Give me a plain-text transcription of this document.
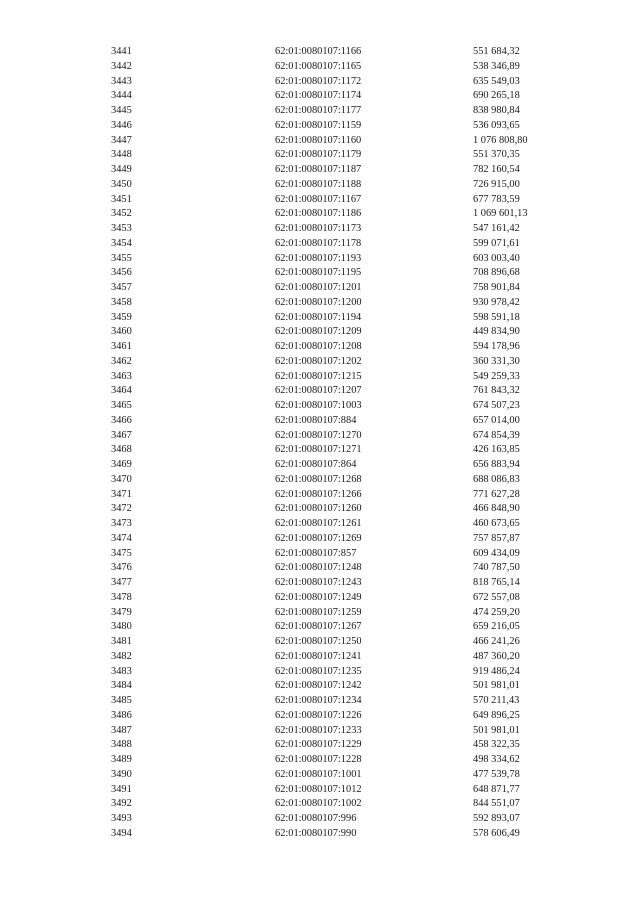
3441	62:01:0080107:1166	551 684,32
3442	62:01:0080107:1165	538 346,89
3443	62:01:0080107:1172	635 549,03
3444	62:01:0080107:1174	690 265,18
3445	62:01:0080107:1177	838 980,84
3446	62:01:0080107:1159	536 093,65
3447	62:01:0080107:1160	1 076 808,80
3448	62:01:0080107:1179	551 370,35
3449	62:01:0080107:1187	782 160,54
3450	62:01:0080107:1188	726 915,00
3451	62:01:0080107:1167	677 783,59
3452	62:01:0080107:1186	1 069 601,13
3453	62:01:0080107:1173	547 161,42
3454	62:01:0080107:1178	599 071,61
3455	62:01:0080107:1193	603 003,40
3456	62:01:0080107:1195	708 896,68
3457	62:01:0080107:1201	758 901,84
3458	62:01:0080107:1200	930 978,42
3459	62:01:0080107:1194	598 591,18
3460	62:01:0080107:1209	449 834,90
3461	62:01:0080107:1208	594 178,96
3462	62:01:0080107:1202	360 331,30
3463	62:01:0080107:1215	549 259,33
3464	62:01:0080107:1207	761 843,32
3465	62:01:0080107:1003	674 507,23
3466	62:01:0080107:884	657 014,00
3467	62:01:0080107:1270	674 854,39
3468	62:01:0080107:1271	426 163,85
3469	62:01:0080107:864	656 883,94
3470	62:01:0080107:1268	688 086,83
3471	62:01:0080107:1266	771 627,28
3472	62:01:0080107:1260	466 848,90
3473	62:01:0080107:1261	460 673,65
3474	62:01:0080107:1269	757 857,87
3475	62:01:0080107:857	609 434,09
3476	62:01:0080107:1248	740 787,50
3477	62:01:0080107:1243	818 765,14
3478	62:01:0080107:1249	672 557,08
3479	62:01:0080107:1259	474 259,20
3480	62:01:0080107:1267	659 216,05
3481	62:01:0080107:1250	466 241,26
3482	62:01:0080107:1241	487 360,20
3483	62:01:0080107:1235	919 486,24
3484	62:01:0080107:1242	501 981,01
3485	62:01:0080107:1234	570 211,43
3486	62:01:0080107:1226	649 896,25
3487	62:01:0080107:1233	501 981,01
3488	62:01:0080107:1229	458 322,35
3489	62:01:0080107:1228	498 334,62
3490	62:01:0080107:1001	477 539,78
3491	62:01:0080107:1012	648 871,77
3492	62:01:0080107:1002	844 551,07
3493	62:01:0080107:996	592 893,07
3494	62:01:0080107:990	578 606,49
